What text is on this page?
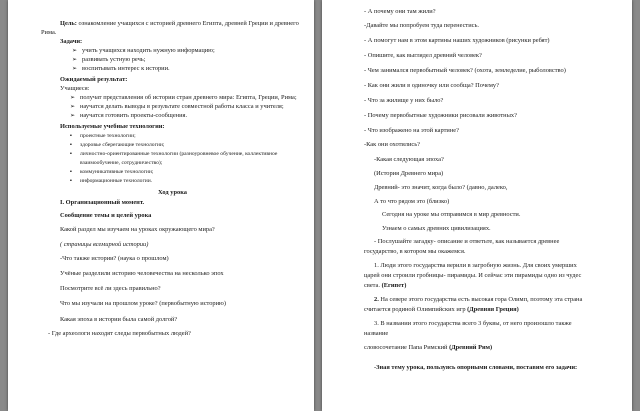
Цель: ознакомление учащихся с историей древнего Египта, древней Греции и древнего
Рима.
Задачи:
➢ учить учащихся находить нужную информацию;
➢ развивать устную речь;
➢ воспитывать интерес к истории.
Ожидаемый результат:
Учащиеся:
➢ получат представления об истории стран древнего мира: Египта, Греции, Рима;
➢ научатся делать выводы в результате совместной работы класса и учителя;
➢ научатся готовить проекты-сообщения.
Используемые учебные технологии:
▪ проектные технологии;
▪ здоровье сберегающие технологии;
▪ личностно-ориентированные технологии (разноуровневое обучение, коллективное
взаимообучение, сотрудничество);
▪ коммуникативные технологии;
▪ информационные технологии.
Ход урока
I. Организационный момент.
Сообщение темы и целей урока
Какой раздел мы изучаем на уроках окружающего мира?
( страницы всемирной истории)
-Что также истории? (наука о прошлом)
Учёные разделили историю человечества на несколько эпох
Посмотрите всё ли здесь правильно?
Что мы изучали на прошлом уроке? (первобытную историю)
Какая эпоха в истории была самой долгой?
- Где археологи находят следы первобытных людей?
- А почему они там жили?
-Давайте мы попробуем туда перенестись.
- А помогут нам в этом картины наших художников (рисунки ребят)
- Опишите, как выглядел древний человек?
- Чем занимался первобытный человек? (охота, земледелие, рыболовство)
- Как они жили в одиночку или сообща? Почему?
- Что за жилище у них было?
- Почему первобытные художники рисовали животных?
- Что изображено на этой картине?
-Как они охотились?
-Какая следующая эпоха?
(История Древнего мира)
Древний- это значит, когда было? (давно, далеко,
А то что рядом это (близко)
Сегодня на уроке мы отправимся в мир древности.
Узнаем о самых древних цивилизациях.
- Послушайте загадку- описание и ответьте, как называется древнее
государство, в котором мы окажемся.
1. Люди этого государства верили в загробную жизнь. Для своих умерших
царей они строили гробницы- пирамиды. И сейчас эти пирамиды одно из чудес
света. (Египет)
2. На севере этого государства есть высокая гора Олимп, поэтому эта страна
считается родиной Олимпийских игр (Древняя Греция)
3. В названии этого государства всего 3 буквы, от него произошло также
название
словосочетание Папа Римский (Древний Рим)
-Зная тему урока, пользуясь опорными словами, поставим его задачи:
